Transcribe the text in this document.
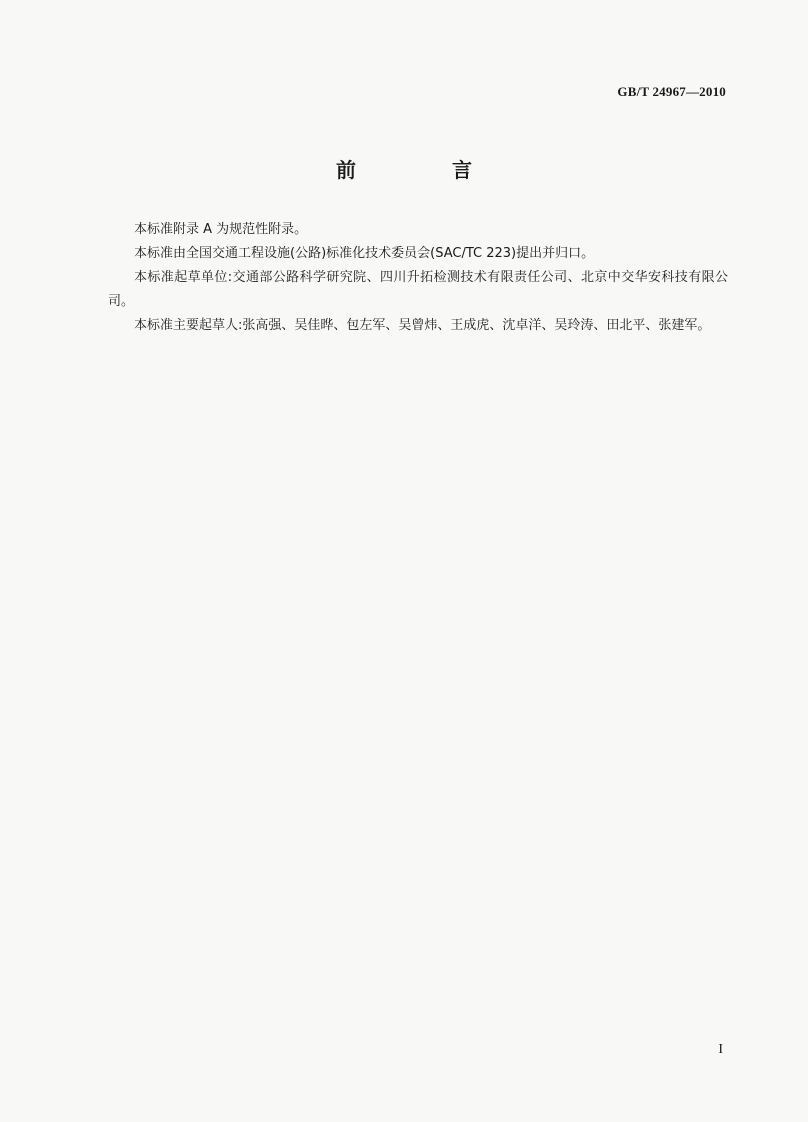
GB/T 24967—2010
前　言

本标准附录 A 为规范性附录。

本标准由全国交通工程设施(公路)标准化技术委员会(SAC/TC 223)提出并归口。

本标准起草单位:交通部公路科学研究院、四川升拓检测技术有限责任公司、北京中交华安科技有限公司。

本标准主要起草人:张高强、吴佳晔、包左军、吴曾炜、王成虎、沈卓洋、吴玲涛、田北平、张建军。

I
